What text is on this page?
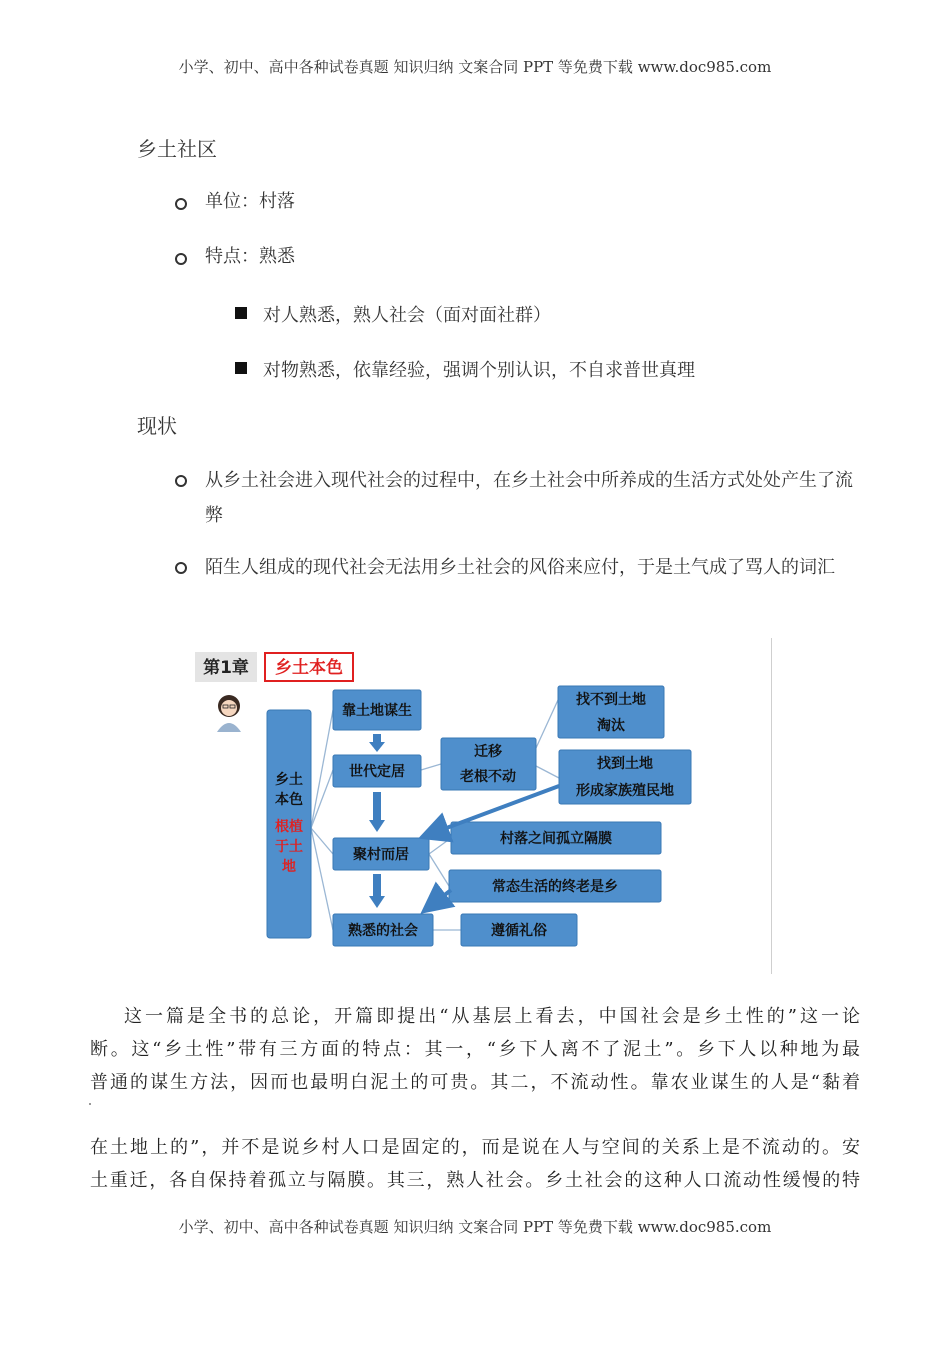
小学、初中、高中各种试卷真题 知识归纳 文案合同 PPT 等免费下载 www.doc985.com
乡土社区
单位：村落
特点：熟悉
对人熟悉，熟人社会（面对面社群）
对物熟悉，依靠经验，强调个别认识，不自求普世真理
现状
从乡土社会进入现代社会的过程中，在乡土社会中所养成的生活方式处处产生了流弊
陌生人组成的现代社会无法用乡土社会的风俗来应付，于是土气成了骂人的词汇
第1章 乡土本色
乡土
本色
根植
于土
地
靠土地谋生
世代定居
聚村而居
熟悉的社会
迁移
老根不动
找不到土地
淘汰
找到土地
形成家族殖民地
村落之间孤立隔膜
常态生活的终老是乡
遵循礼俗
这一篇是全书的总论，开篇即提出“从基层上看去，中国社会是乡土性的”这一论
断。这“乡土性”带有三方面的特点：其一，“乡下人离不了泥土”。乡下人以种地为最
普通的谋生方法，因而也最明白泥土的可贵。其二，不流动性。靠农业谋生的人是“黏着
在土地上的”，并不是说乡村人口是固定的，而是说在人与空间的关系上是不流动的。安
土重迁，各自保持着孤立与隔膜。其三，熟人社会。乡土社会的这种人口流动性缓慢的特
小学、初中、高中各种试卷真题 知识归纳 文案合同 PPT 等免费下载 www.doc985.com
